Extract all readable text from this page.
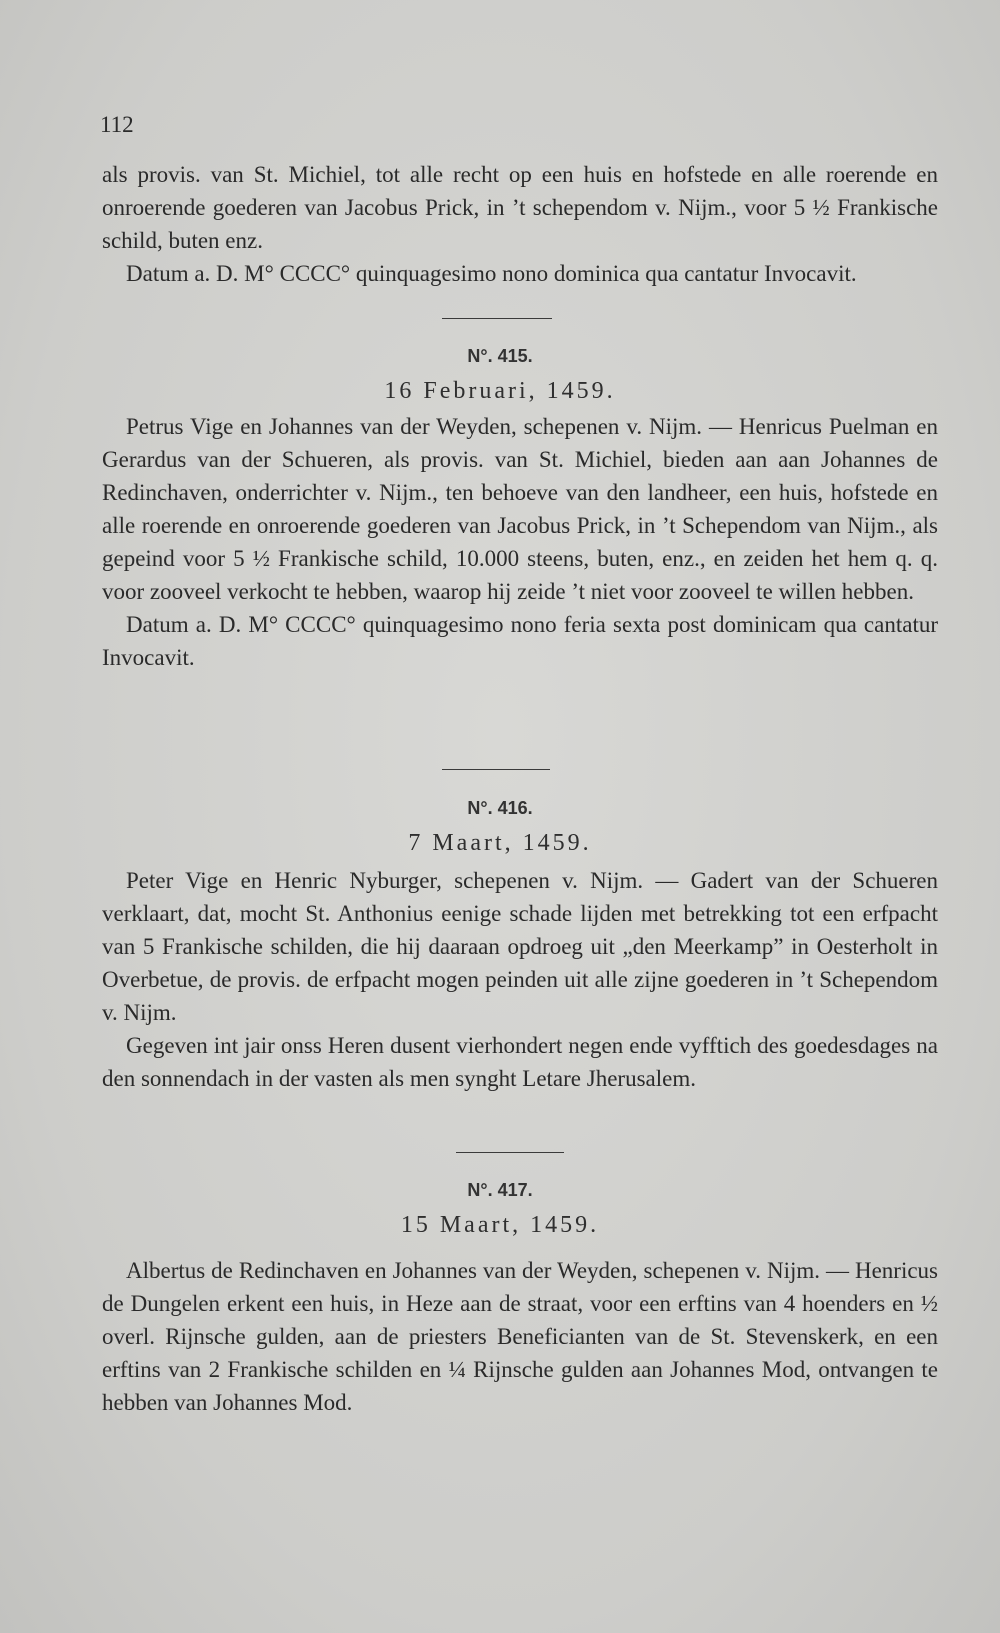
112

als provis. van St. Michiel, tot alle recht op een huis en hofstede en alle roerende en onroerende goederen van Jacobus Prick, in ’t schependom v. Nijm., voor 5 ½ Frankische schild, buten enz.

Datum a. D. M° CCCC° quinquagesimo nono dominica qua cantatur Invocavit.

N°. 415.
16 Februari, 1459.

Petrus Vige en Johannes van der Weyden, schepenen v. Nijm. — Henricus Puelman en Gerardus van der Schueren, als provis. van St. Michiel, bieden aan aan Johannes de Redinchaven, onderrichter v. Nijm., ten behoeve van den landheer, een huis, hofstede en alle roerende en onroerende goederen van Jacobus Prick, in ’t Schependom van Nijm., als gepeind voor 5 ½ Frankische schild, 10.000 steens, buten, enz., en zeiden het hem q. q. voor zooveel verkocht te hebben, waarop hij zeide ’t niet voor zooveel te willen hebben.

Datum a. D. M° CCCC° quinquagesimo nono feria sexta post dominicam qua cantatur Invocavit.

N°. 416.
7 Maart, 1459.

Peter Vige en Henric Nyburger, schepenen v. Nijm. — Gadert van der Schueren verklaart, dat, mocht St. Anthonius eenige schade lijden met betrekking tot een erfpacht van 5 Frankische schilden, die hij daaraan opdroeg uit „den Meerkamp” in Oesterholt in Overbetue, de provis. de erfpacht mogen peinden uit alle zijne goederen in ’t Schependom v. Nijm.

Gegeven int jair onss Heren dusent vierhondert negen ende vyfftich des goedesdages na den sonnendach in der vasten als men synght Letare Jherusalem.

N°. 417.
15 Maart, 1459.

Albertus de Redinchaven en Johannes van der Weyden, schepenen v. Nijm. — Henricus de Dungelen erkent een huis, in Heze aan de straat, voor een erftins van 4 hoenders en ½ overl. Rijnsche gulden, aan de priesters Beneficianten van de St. Stevenskerk, en een erftins van 2 Frankische schilden en ¼ Rijnsche gulden aan Johannes Mod, ontvangen te hebben van Johannes Mod.
